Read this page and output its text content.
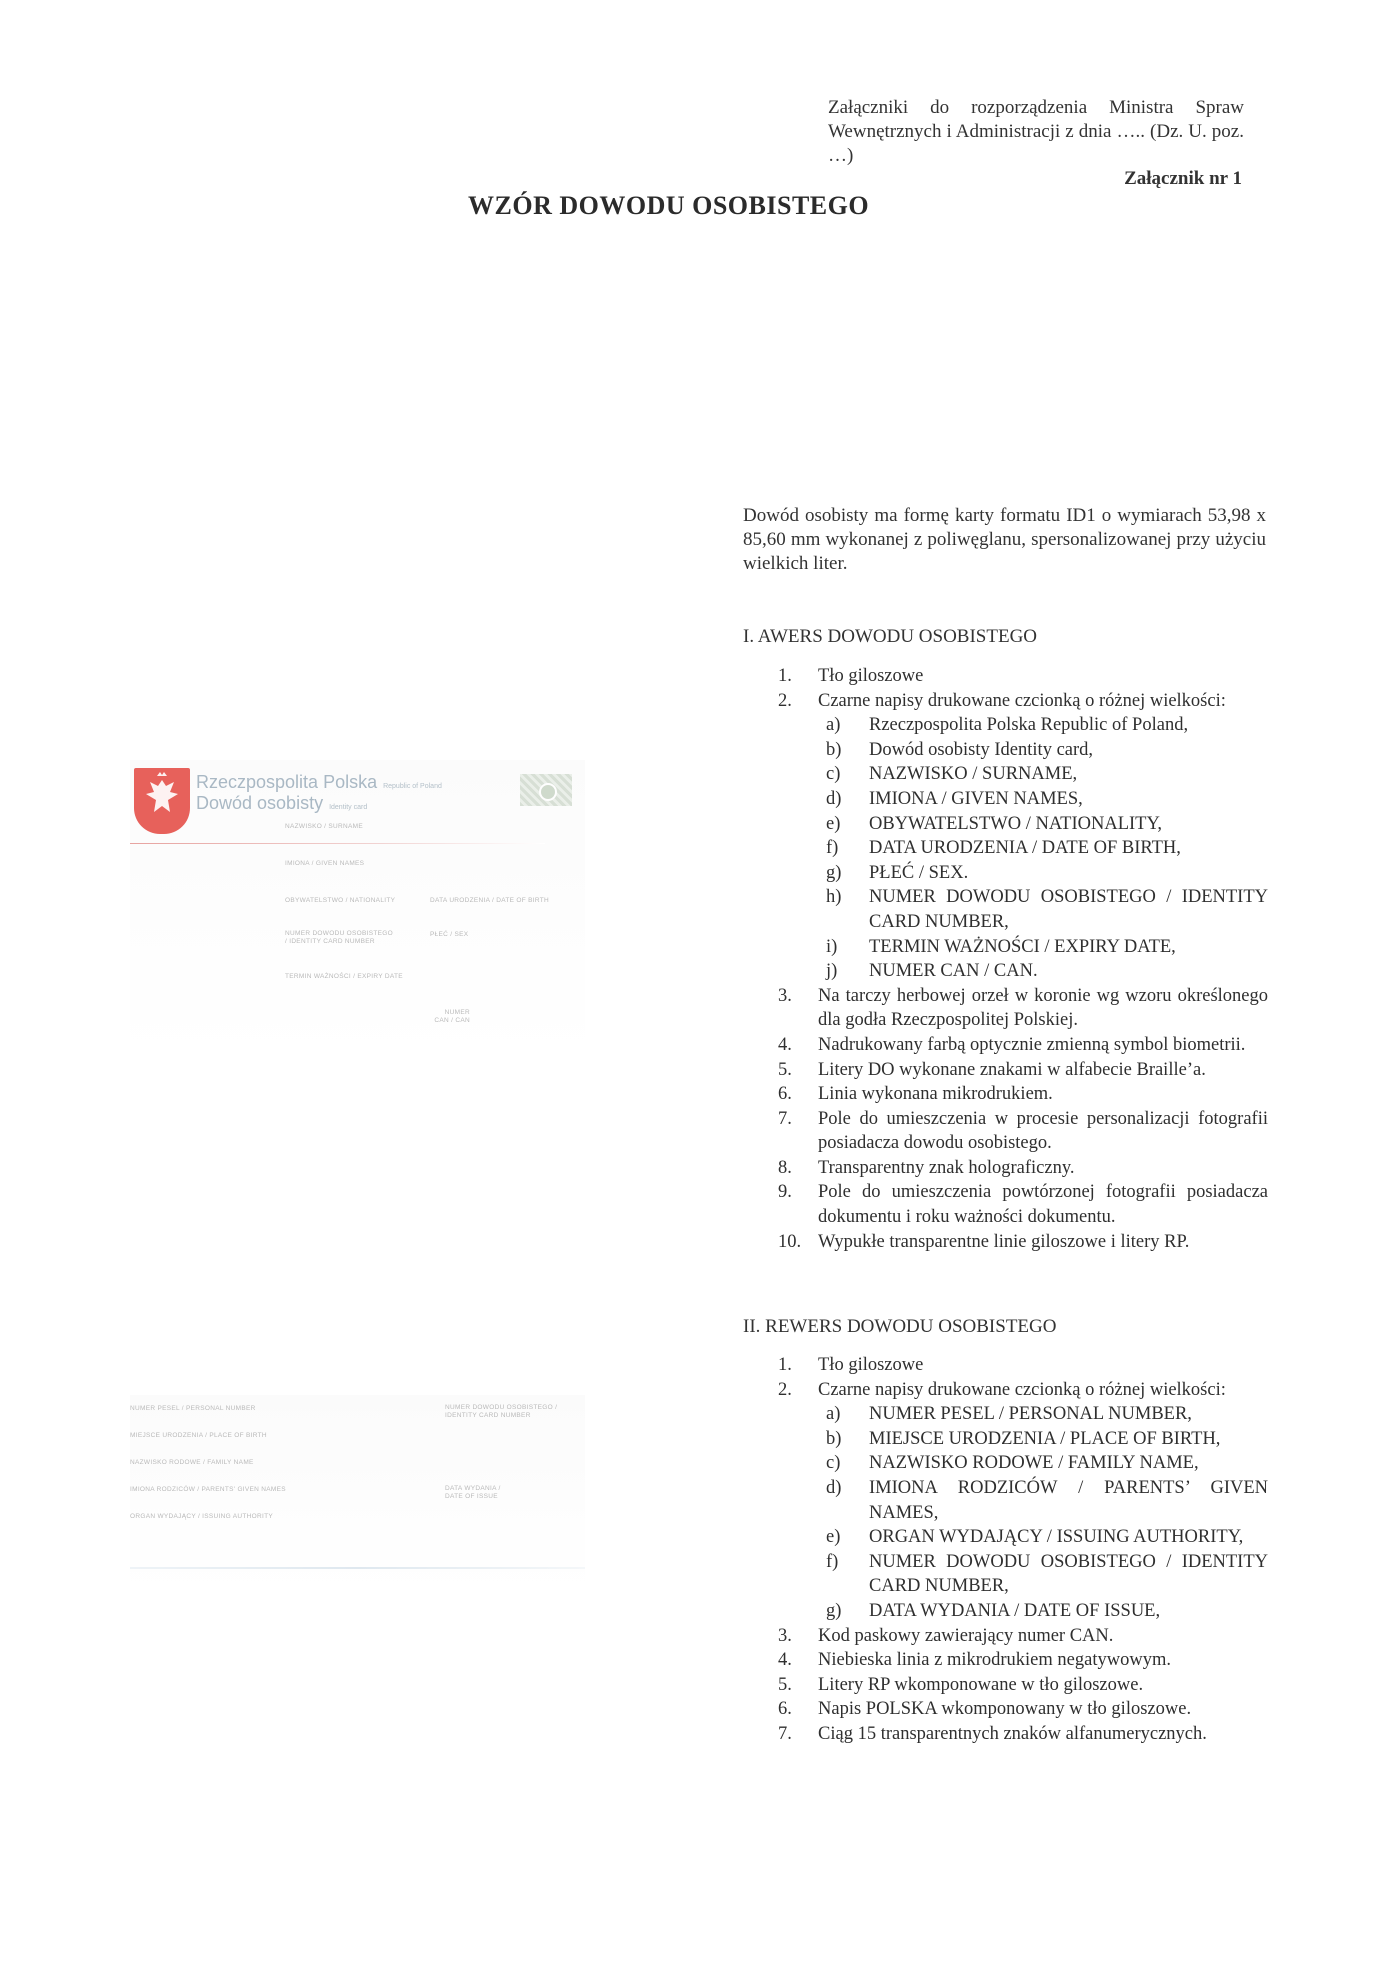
Załączniki do rozporządzenia Ministra Spraw Wewnętrznych i Administracji z dnia ….. (Dz. U. poz. …)
Załącznik nr 1
WZÓR DOWODU OSOBISTEGO
Dowód osobisty ma formę karty formatu ID1 o wymiarach 53,98 x 85,60 mm wykonanej z poliwęglanu, spersonalizowanej przy użyciu wielkich liter.
I. AWERS DOWODU OSOBISTEGO
1.	Tło giloszowe
2.	Czarne napisy drukowane czcionką o różnej wielkości:
a)	Rzeczpospolita Polska Republic of Poland,
b)	Dowód osobisty Identity card,
c)	NAZWISKO / SURNAME,
d)	IMIONA / GIVEN NAMES,
e)	OBYWATELSTWO / NATIONALITY,
f)	DATA URODZENIA / DATE OF BIRTH,
g)	PŁEĆ / SEX.
h)	NUMER DOWODU OSOBISTEGO / IDENTITY CARD NUMBER,
i)	TERMIN WAŻNOŚCI / EXPIRY DATE,
j)	NUMER CAN / CAN.
3.	Na tarczy herbowej orzeł w koronie wg wzoru określonego dla godła Rzeczpospolitej Polskiej.
4.	Nadrukowany farbą optycznie zmienną symbol biometrii.
5.	Litery DO wykonane znakami w alfabecie Braille’a.
6.	Linia wykonana mikrodrukiem.
7.	Pole do umieszczenia w procesie personalizacji fotografii posiadacza dowodu osobistego.
8.	Transparentny znak holograficzny.
9.	Pole do umieszczenia powtórzonej fotografii posiadacza dokumentu i roku ważności dokumentu.
10. Wypukłe transparentne linie giloszowe i litery RP.
II. REWERS DOWODU OSOBISTEGO
1.	Tło giloszowe
2.	Czarne napisy drukowane czcionką o różnej wielkości:
a)	NUMER PESEL / PERSONAL NUMBER,
b)	MIEJSCE URODZENIA / PLACE OF BIRTH,
c)	NAZWISKO RODOWE / FAMILY NAME,
d)	IMIONA RODZICÓW / PARENTS’ GIVEN NAMES,
e)	ORGAN WYDAJĄCY / ISSUING AUTHORITY,
f)	NUMER DOWODU OSOBISTEGO / IDENTITY CARD NUMBER,
g)	DATA WYDANIA / DATE OF ISSUE,
3.	Kod paskowy zawierający numer CAN.
4.	Niebieska linia z mikrodrukiem negatywowym.
5.	Litery RP wkomponowane w tło giloszowe.
6.	Napis POLSKA wkomponowany w tło giloszowe.
7.	Ciąg 15 transparentnych znaków alfanumerycznych.
Rzeczpospolita Polska Republic of Poland
Dowód osobisty Identity card
NAZWISKO / SURNAME
IMIONA / GIVEN NAMES
OBYWATELSTWO / NATIONALITY	DATA URODZENIA / DATE OF BIRTH
NUMER DOWODU OSOBISTEGO / IDENTITY CARD NUMBER
PŁEĆ / SEX
TERMIN WAŻNOŚCI / EXPIRY DATE
NUMER CAN / CAN
NUMER PESEL / PERSONAL NUMBER	NUMER DOWODU OSOBISTEGO / IDENTITY CARD NUMBER
MIEJSCE URODZENIA / PLACE OF BIRTH
NAZWISKO RODOWE / FAMILY NAME
IMIONA RODZICÓW / PARENTS' GIVEN NAMES	DATA WYDANIA / DATE OF ISSUE
ORGAN WYDAJĄCY / ISSUING AUTHORITY
